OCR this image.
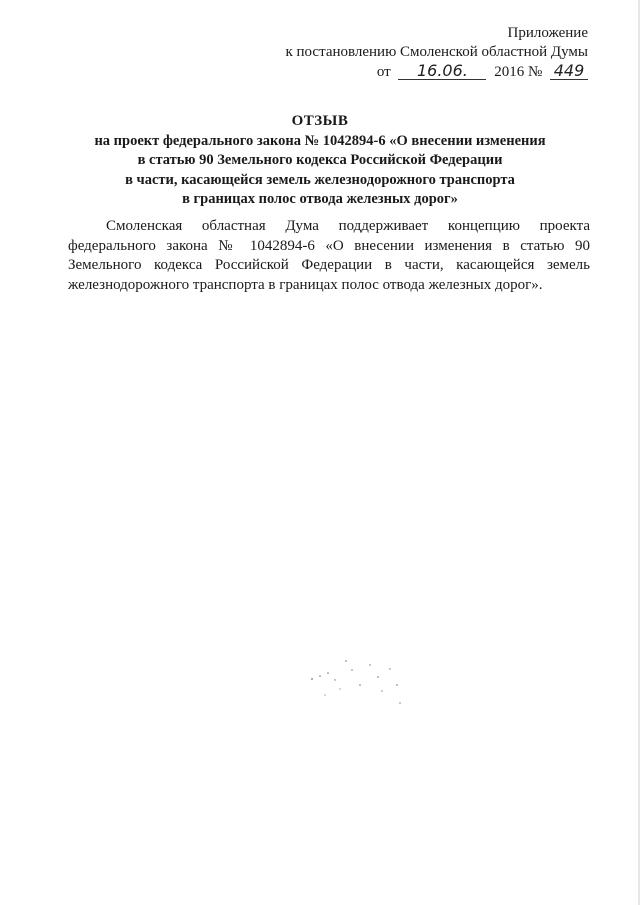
Приложение
к постановлению Смоленской областной Думы
от 16.06. 2016 № 449
ОТЗЫВ
на проект федерального закона № 1042894-6 «О внесении изменения
в статью 90 Земельного кодекса Российской Федерации
в части, касающейся земель железнодорожного транспорта
в границах полос отвода железных дорог»
Смоленская областная Дума поддерживает концепцию проекта федерального закона № 1042894-6 «О внесении изменения в статью 90 Земельного кодекса Российской Федерации в части, касающейся земель железнодорожного транспорта в границах полос отвода железных дорог».
